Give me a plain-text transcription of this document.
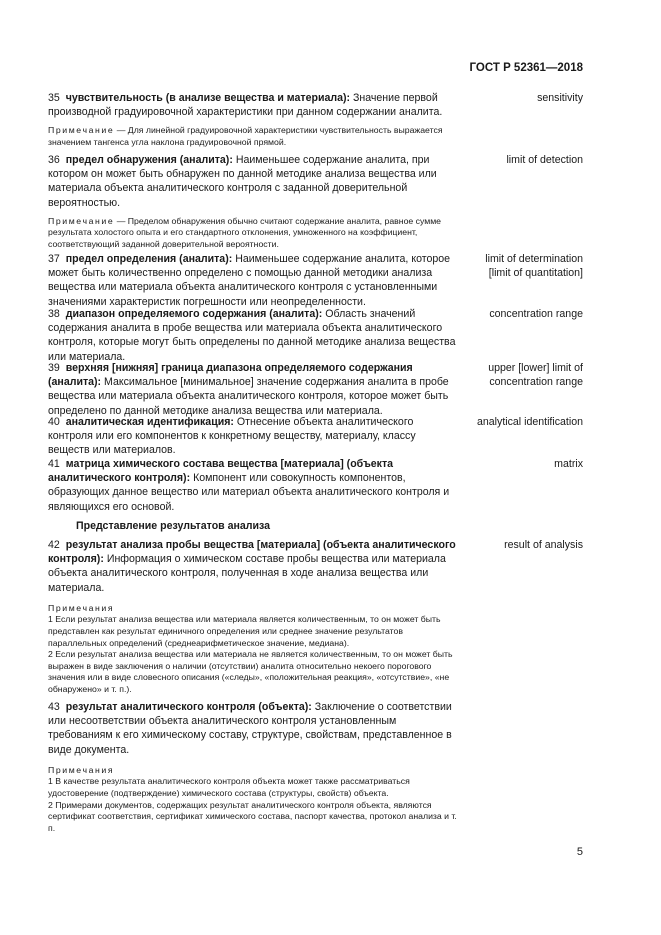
ГОСТ Р 52361—2018

35 чувствительность (в анализе вещества и материала): Значение первой производной градуировочной характеристики при данном содержании аналита.

Примечание — Для линейной градуировочной характеристики чувствительность выражается значением тангенса угла наклона градуировочной прямой.

sensitivity

36 предел обнаружения (аналита): Наименьшее содержание аналита, при котором он может быть обнаружен по данной методике анализа вещества или материала объекта аналитического контроля с заданной доверительной вероятностью.

Примечание — Пределом обнаружения обычно считают содержание аналита, равное сумме результата холостого опыта и его стандартного отклонения, умноженного на коэффициент, соответствующий заданной доверительной вероятности.

limit of detection

37 предел определения (аналита): Наименьшее содержание аналита, которое может быть количественно определено с помощью данной методики анализа вещества или материала объекта аналитического контроля с установленными значениями характеристик погрешности или неопределенности.

limit of determination
[limit of quantitation]

38 диапазон определяемого содержания (аналита): Область значений содержания аналита в пробе вещества или материала объекта аналитического контроля, которые могут быть определены по данной методике анализа вещества или материала.

concentration range

39 верхняя [нижняя] граница диапазона определяемого содержания (аналита): Максимальное [минимальное] значение содержания аналита в пробе вещества или материала объекта аналитического контроля, которое может быть определено по данной методике анализа вещества или материала.

upper [lower] limit of
concentration range

40 аналитическая идентификация: Отнесение объекта аналитического контроля или его компонентов к конкретному веществу, материалу, классу веществ или материалов.

analytical identification

41 матрица химического состава вещества [материала] (объекта аналитического контроля): Компонент или совокупность компонентов, образующих данное вещество или материал объекта аналитического контроля и являющихся его основой.

matrix
Представление результатов анализа

42 результат анализа пробы вещества [материала] (объекта аналитического контроля): Информация о химическом составе пробы вещества или материала объекта аналитического контроля, полученная в ходе анализа вещества или материала.

Примечания

1 Если результат анализа вещества или материала является количественным, то он может быть представлен как результат единичного определения или среднее значение результатов параллельных определений (среднеарифметическое значение, медиана).

2 Если результат анализа вещества или материала не является количественным, то он может быть выражен в виде заключения о наличии (отсутствии) аналита относительно некоего порогового значения или в виде словесного описания («следы», «положительная реакция», «отсутствие», «не обнаружено» и т. п.).

result of analysis

43 результат аналитического контроля (объекта): Заключение о соответствии или несоответствии объекта аналитического контроля установленным требованиям к его химическому составу, структуре, свойствам, представленное в виде документа.

Примечания

1 В качестве результата аналитического контроля объекта может также рассматриваться удостоверение (подтверждение) химического состава (структуры, свойств) объекта.

2 Примерами документов, содержащих результат аналитического контроля объекта, являются сертификат соответствия, сертификат химического состава, паспорт качества, протокол анализа и т. п.

5
